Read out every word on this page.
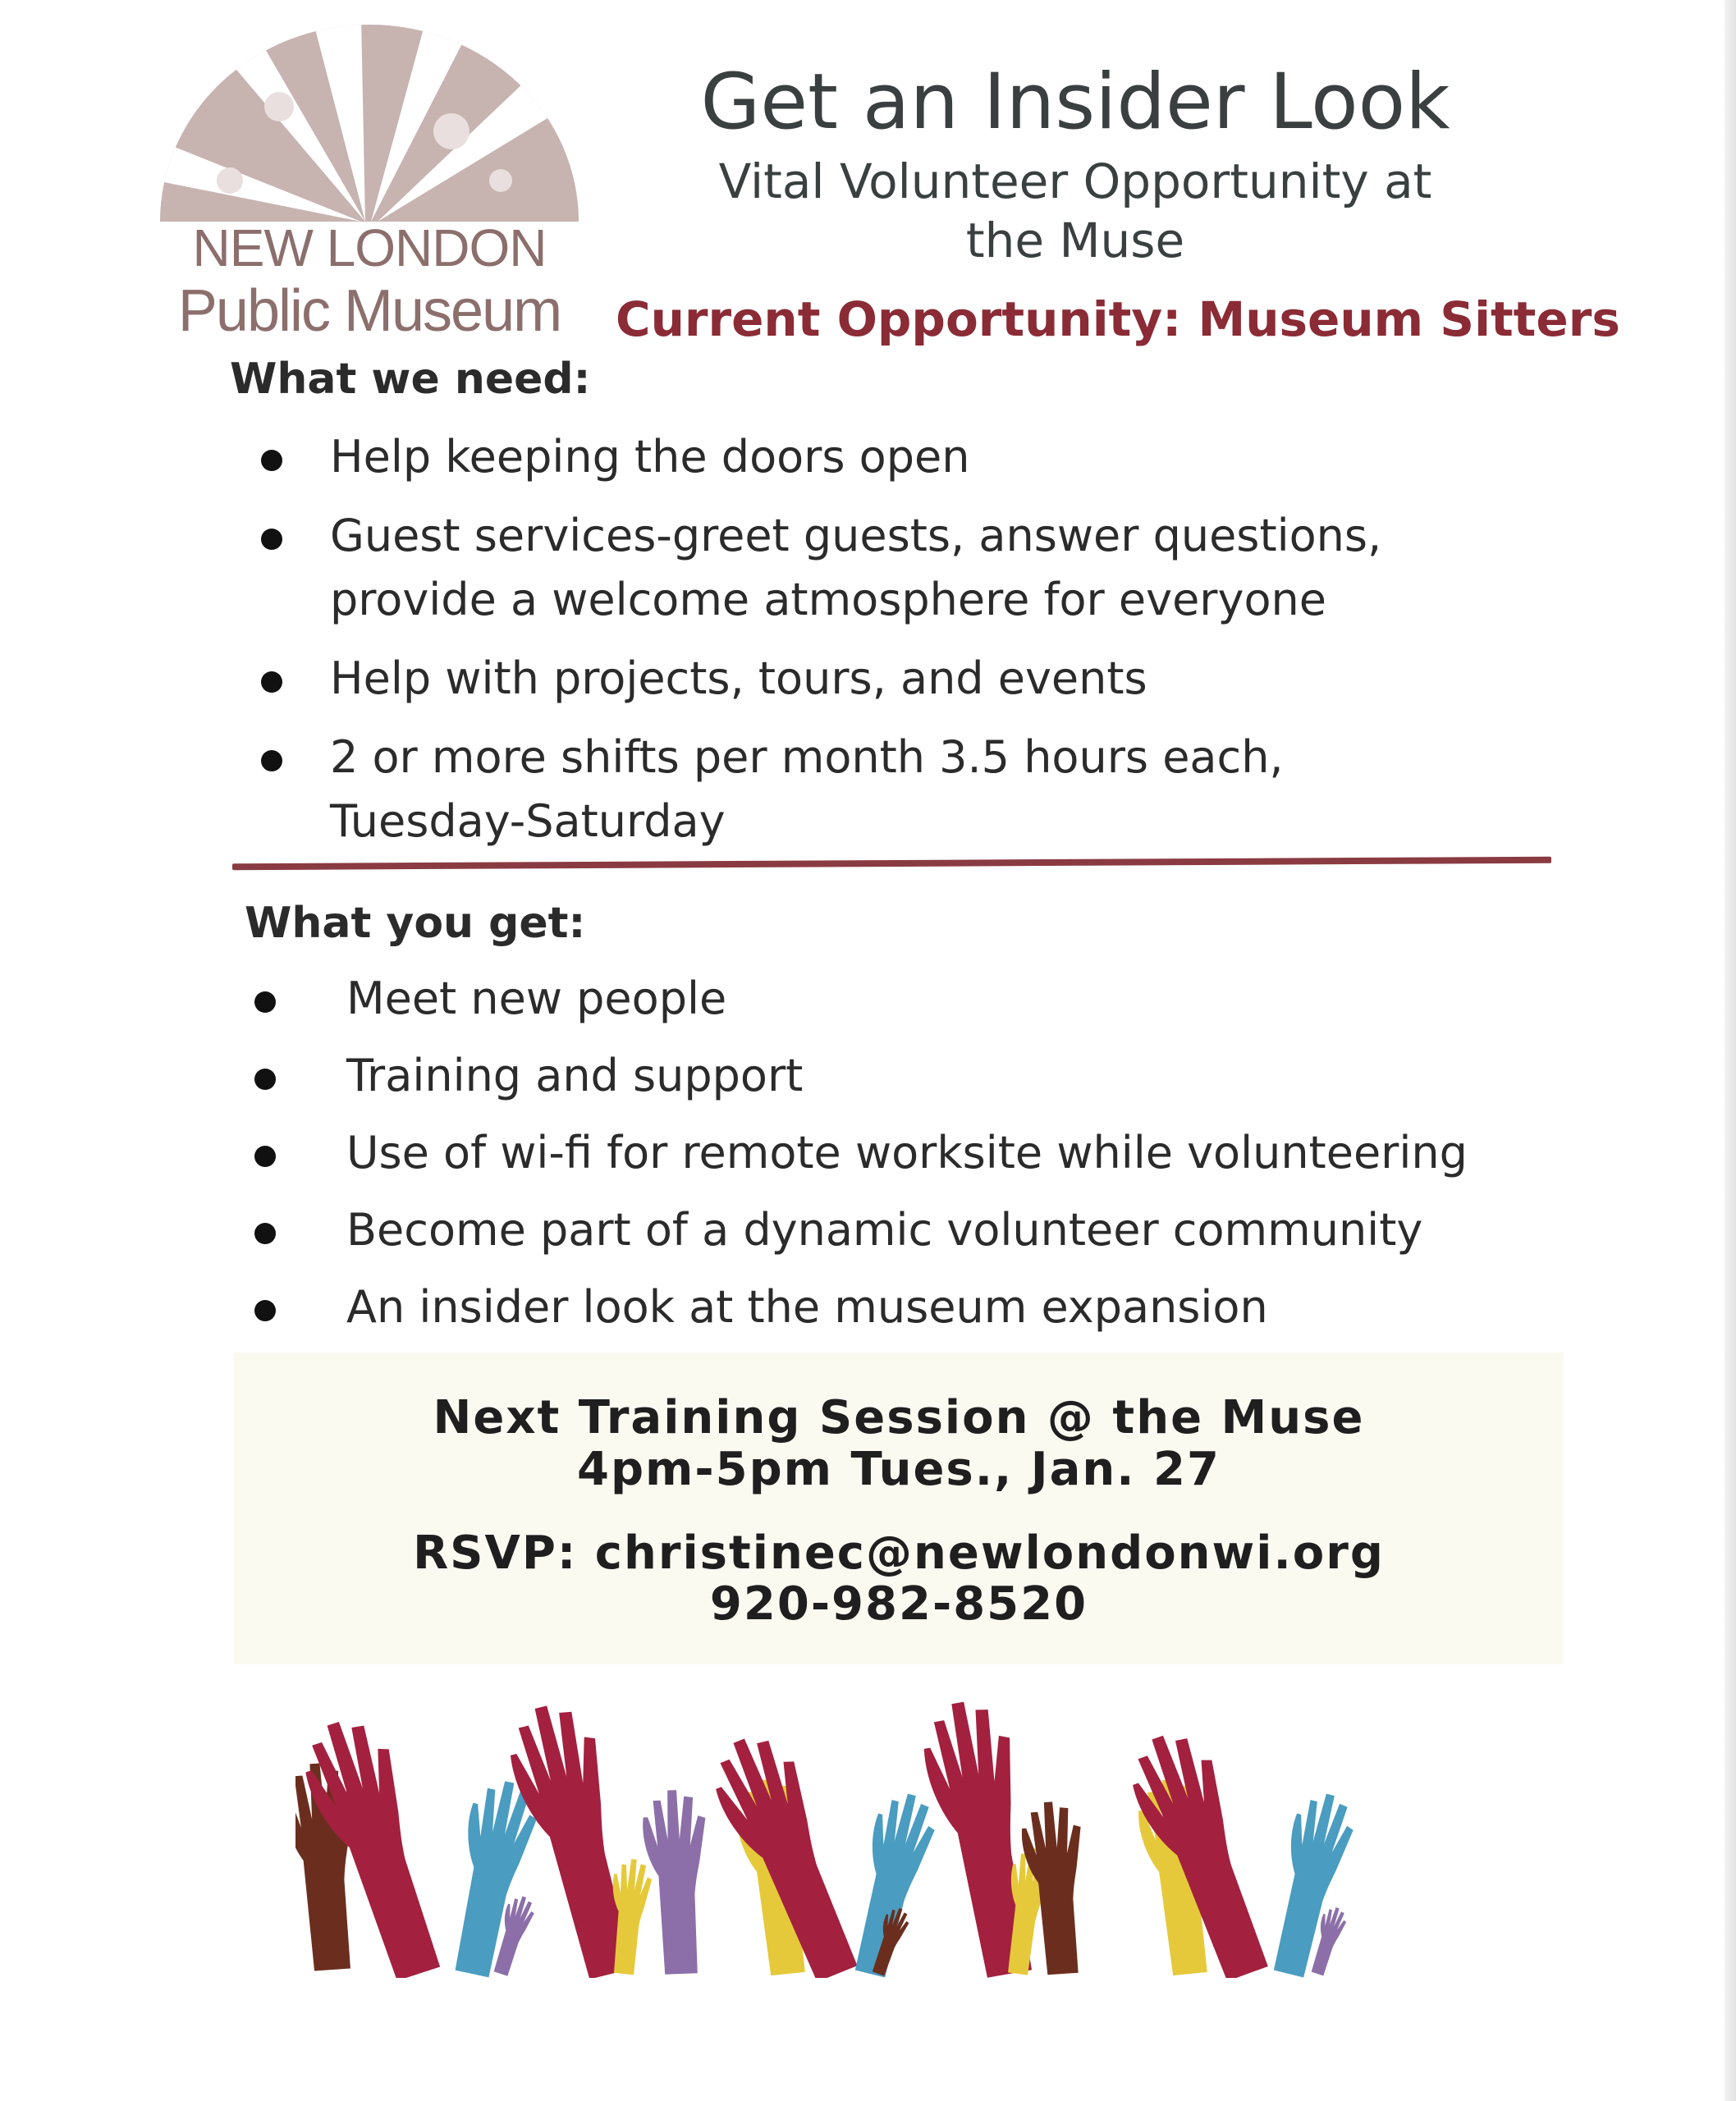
NEW LONDON
Public Museum
Get an Insider Look
Vital Volunteer Opportunity at
the Muse
Current Opportunity: Museum Sitters
What we need:
Help keeping the doors open
Guest services-greet guests, answer questions,
provide a welcome atmosphere for everyone
Help with projects, tours, and events
2 or more shifts per month 3.5 hours each,
Tuesday-Saturday
What you get:
Meet new people
Training and support
Use of wi-fi for remote worksite while volunteering
Become part of a dynamic volunteer community
An insider look at the museum expansion
Next Training Session @ the Muse
4pm-5pm Tues., Jan. 27
RSVP: christinec@newlondonwi.org
920-982-8520
